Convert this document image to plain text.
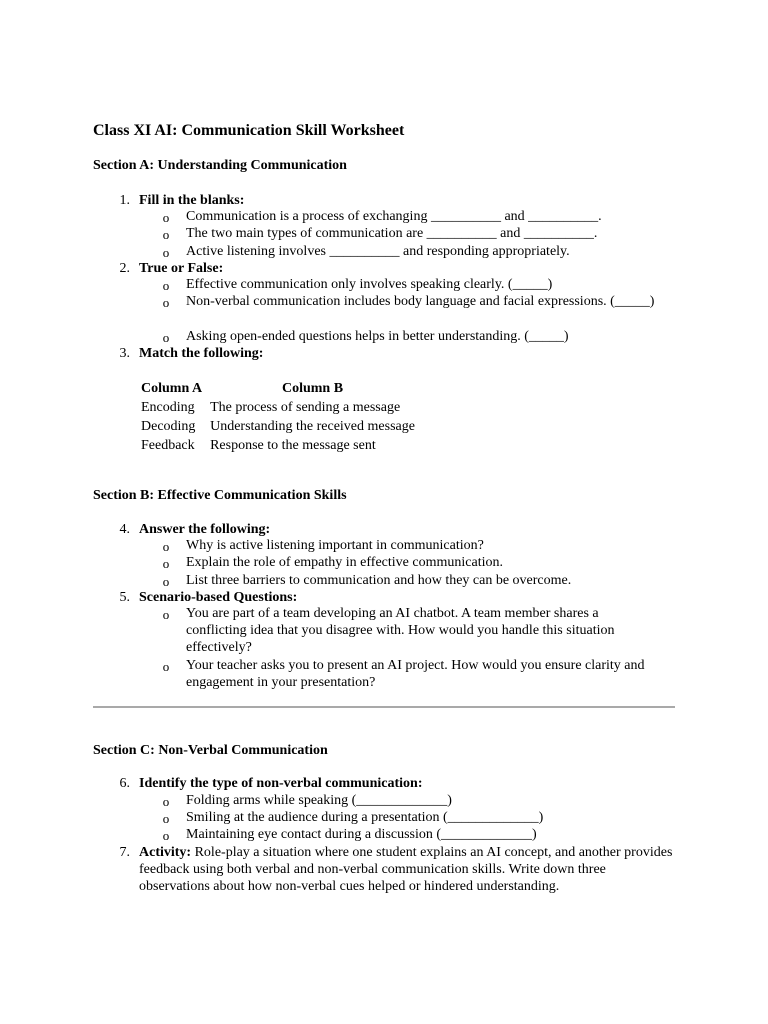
Class XI AI: Communication Skill Worksheet
Section A: Understanding Communication
1. Fill in the blanks:
o Communication is a process of exchanging __________ and __________.
o The two main types of communication are __________ and __________.
o Active listening involves __________ and responding appropriately.
2. True or False:
o Effective communication only involves speaking clearly. (_____)
o Non-verbal communication includes body language and facial expressions. (_____)
o Asking open-ended questions helps in better understanding. (_____)
3. Match the following:
Column A	Column B
Encoding	The process of sending a message
Decoding	Understanding the received message
Feedback	Response to the message sent
Section B: Effective Communication Skills
4. Answer the following:
o Why is active listening important in communication?
o Explain the role of empathy in effective communication.
o List three barriers to communication and how they can be overcome.
5. Scenario-based Questions:
o You are part of a team developing an AI chatbot. A team member shares a conflicting idea that you disagree with. How would you handle this situation effectively?
o Your teacher asks you to present an AI project. How would you ensure clarity and engagement in your presentation?
Section C: Non-Verbal Communication
6. Identify the type of non-verbal communication:
o Folding arms while speaking (_____________)
o Smiling at the audience during a presentation (_____________)
o Maintaining eye contact during a discussion (_____________)
7. Activity: Role-play a situation where one student explains an AI concept, and another provides feedback using both verbal and non-verbal communication skills. Write down three observations about how non-verbal cues helped or hindered understanding.
